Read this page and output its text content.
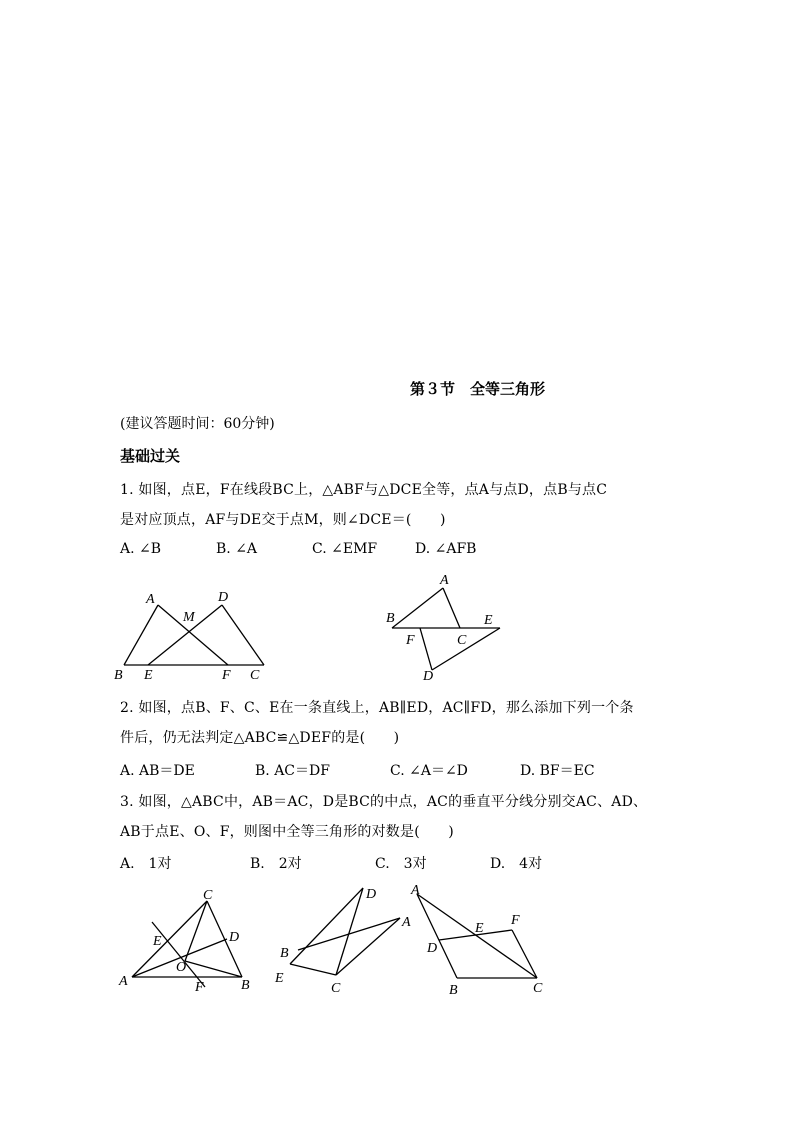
第３节　全等三角形
(建议答题时间：60分钟)
基础过关
1. 如图，点E，F在线段BC上，△ABF与△DCE全等，点A与点D，点B与点C
是对应顶点，AF与DE交于点M，则∠DCE＝(　　)
A. ∠B	B. ∠A	C. ∠EMF	D. ∠AFB
A	D
M
B E	F C
A
B	E
F	C
D
2. 如图，点B、F、C、E在一条直线上，AB∥ED，AC∥FD，那么添加下列一个条
件后，仍无法判定△ABC≌△DEF的是(　　)
A. AB＝DE	B. AC＝DF	C. ∠A＝∠D	D. BF＝EC
3. 如图，△ABC中，AB＝AC，D是BC的中点，AC的垂直平分线分别交AC、AD、
AB于点E、O、F，则图中全等三角形的对数是(　　)
A.　1对	B.　2对	C.　3对	D.　4对
C
E	D
O
A	F	B
D
A
B
E
C
A
E
F
D
B	C
